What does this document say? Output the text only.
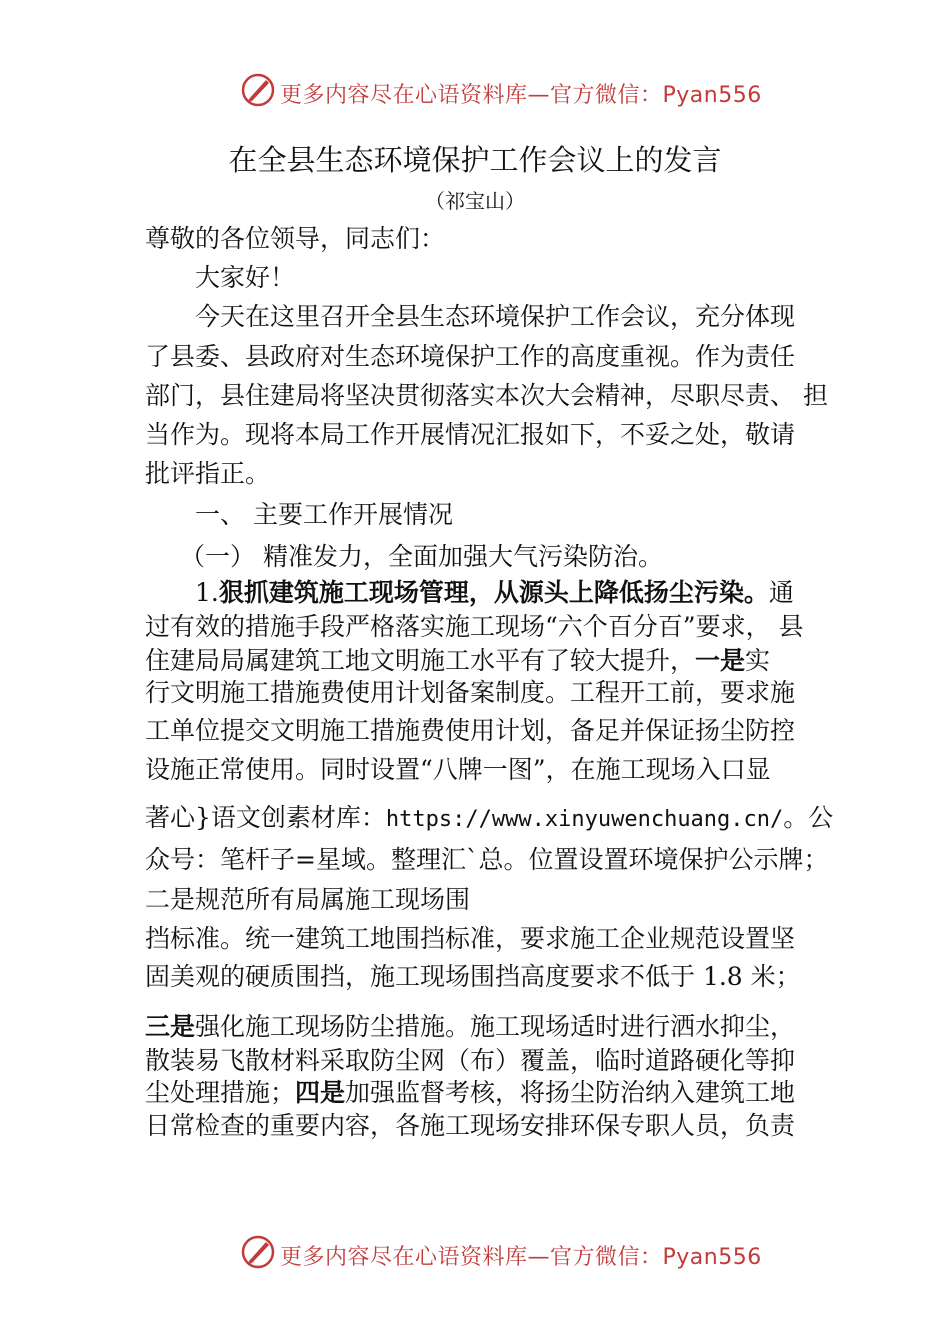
更多内容尽在心语资料库—官方微信：Pyan556
在全县生态环境保护工作会议上的发言
（祁宝山）
尊敬的各位领导，同志们：
大家好！
今天在这里召开全县生态环境保护工作会议，充分体现
了县委、县政府对生态环境保护工作的高度重视。作为责任
部门，县住建局将坚决贯彻落实本次大会精神，尽职尽责、 担
当作为。现将本局工作开展情况汇报如下，不妥之处，敬请
批评指正。
一、 主要工作开展情况
（一） 精准发力，全面加强大气污染防治。
1.狠抓建筑施工现场管理，从源头上降低扬尘污染。通
过有效的措施手段严格落实施工现场“六个百分百”要求， 县
住建局局属建筑工地文明施工水平有了较大提升，一是实
行文明施工措施费使用计划备案制度。工程开工前，要求施
工单位提交文明施工措施费使用计划，备足并保证扬尘防控
设施正常使用。同时设置“八牌一图”，在施工现场入口显
著心}语文创素材库：https://www.xinyuwenchuang.cn/。公
众号：笔杆子=星域。整理汇`总。位置设置环境保护公示牌；
二是规范所有局属施工现场围
挡标准。统一建筑工地围挡标准，要求施工企业规范设置坚
固美观的硬质围挡，施工现场围挡高度要求不低于 1.8 米；
三是强化施工现场防尘措施。施工现场适时进行洒水抑尘，
散装易飞散材料采取防尘网（布）覆盖，临时道路硬化等抑
尘处理措施；四是加强监督考核，将扬尘防治纳入建筑工地
日常检查的重要内容，各施工现场安排环保专职人员，负责
更多内容尽在心语资料库—官方微信：Pyan556
